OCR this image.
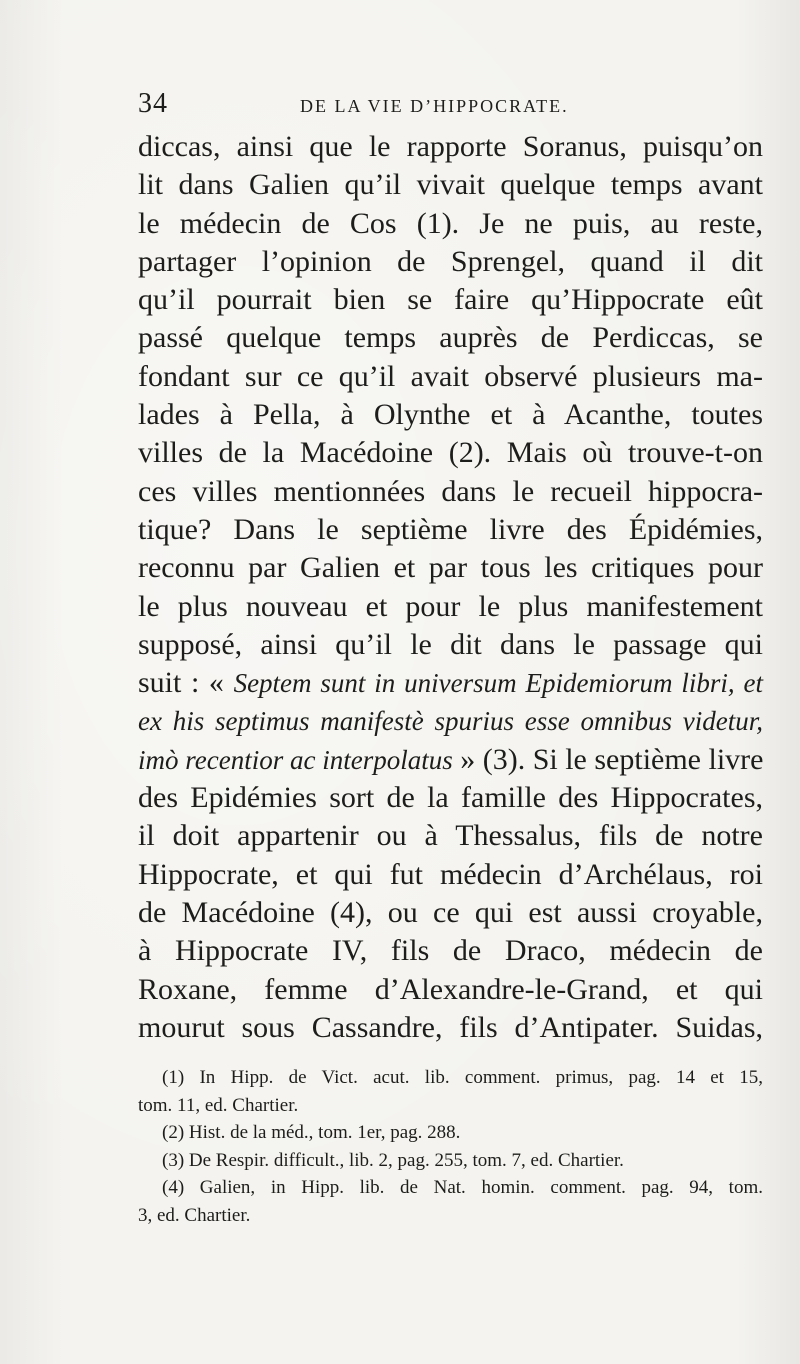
34	DE LA VIE D’HIPPOCRATE.
diccas, ainsi que le rapporte Soranus, puisqu’on
lit dans Galien qu’il vivait quelque temps avant
le médecin de Cos (1). Je ne puis, au reste,
partager l’opinion de Sprengel, quand il dit
qu’il pourrait bien se faire qu’Hippocrate eût
passé quelque temps auprès de Perdiccas, se
fondant sur ce qu’il avait observé plusieurs ma-
lades à Pella, à Olynthe et à Acanthe, toutes
villes de la Macédoine (2). Mais où trouve-t-on
ces villes mentionnées dans le recueil hippocra-
tique? Dans le septième livre des Épidémies,
reconnu par Galien et par tous les critiques pour
le plus nouveau et pour le plus manifestement
supposé, ainsi qu’il le dit dans le passage qui
suit : « Septem sunt in universum Epidemiorum libri, et
ex his septimus manifestè spurius esse omnibus videtur,
imò recentior ac interpolatus » (3). Si le septième livre
des Epidémies sort de la famille des Hippocrates,
il doit appartenir ou à Thessalus, fils de notre
Hippocrate, et qui fut médecin d’Archélaus, roi
de Macédoine (4), ou ce qui est aussi croyable,
à Hippocrate IV, fils de Draco, médecin de
Roxane, femme d’Alexandre-le-Grand, et qui
mourut sous Cassandre, fils d’Antipater. Suidas,
(1) In Hipp. de Vict. acut. lib. comment. primus, pag. 14 et 15,
tom. 11, ed. Chartier.
(2) Hist. de la méd., tom. 1er, pag. 288.
(3) De Respir. difficult., lib. 2, pag. 255, tom. 7, ed. Chartier.
(4) Galien, in Hipp. lib. de Nat. homin. comment. pag. 94, tom.
3, ed. Chartier.
